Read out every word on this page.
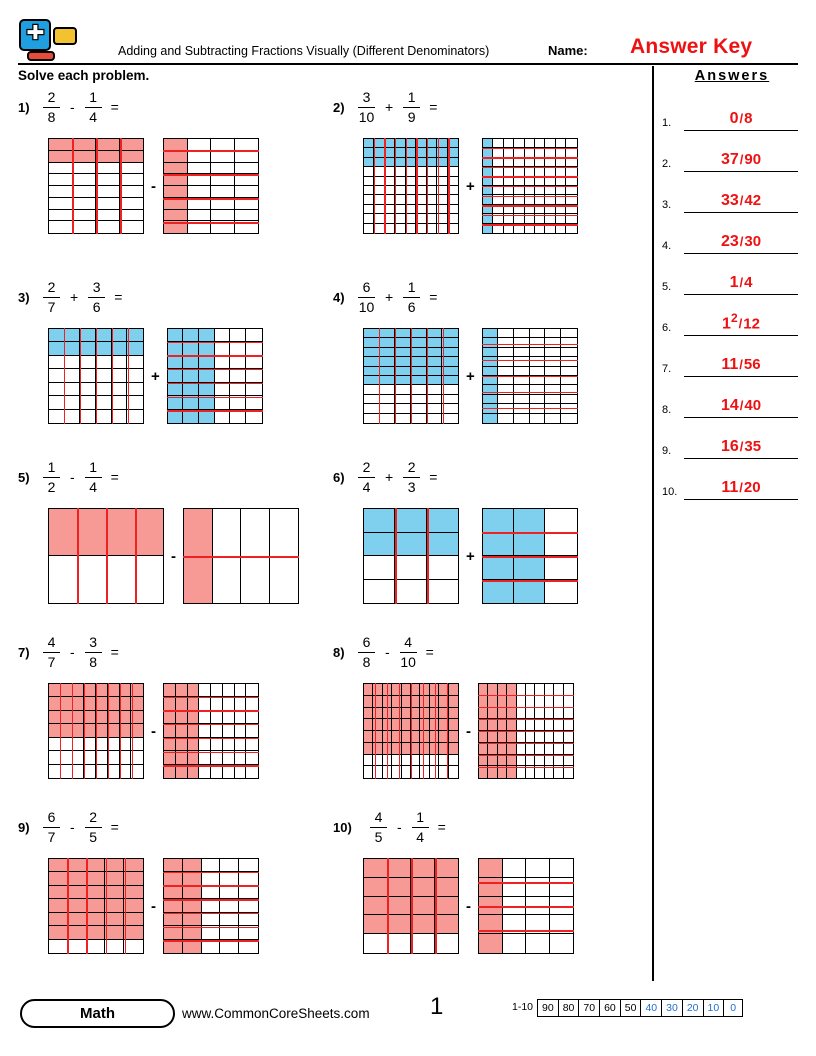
Adding and Subtracting Fractions Visually (Different Denominators)	Name: Answer Key
Solve each problem.
$1) \frac{2}{8} - \frac{1}{4}$ =
-
$2) \frac{3}{10} + \frac{1}{9}$ =
+
$3) \frac{2}{7} + \frac{3}{6}$ =
+
$4) \frac{6}{10} + \frac{1}{6}$ =
+
$5) \frac{1}{2} - \frac{1}{4}$ =
-
$6) \frac{2}{4} + \frac{2}{3}$ =
+
$7) \frac{4}{7} - \frac{3}{8}$ =
-
$8) \frac{6}{8} - \frac{4}{10}$ =
-
$9) \frac{6}{7} - \frac{2}{5}$ =
-
$10) \frac{4}{5} - \frac{1}{4}$ =
-
Answers
1.	0/8
2.	37/90
3.	33/42
4.	23/30
5.	1/4
6.	$1^2/12$
7.	11/56
8.	14/40
9.	16/35
10.	11/20
Math	www.CommonCoreSheets.com	1	1-10 90 80 70 60 50 40 30 20 10	0
